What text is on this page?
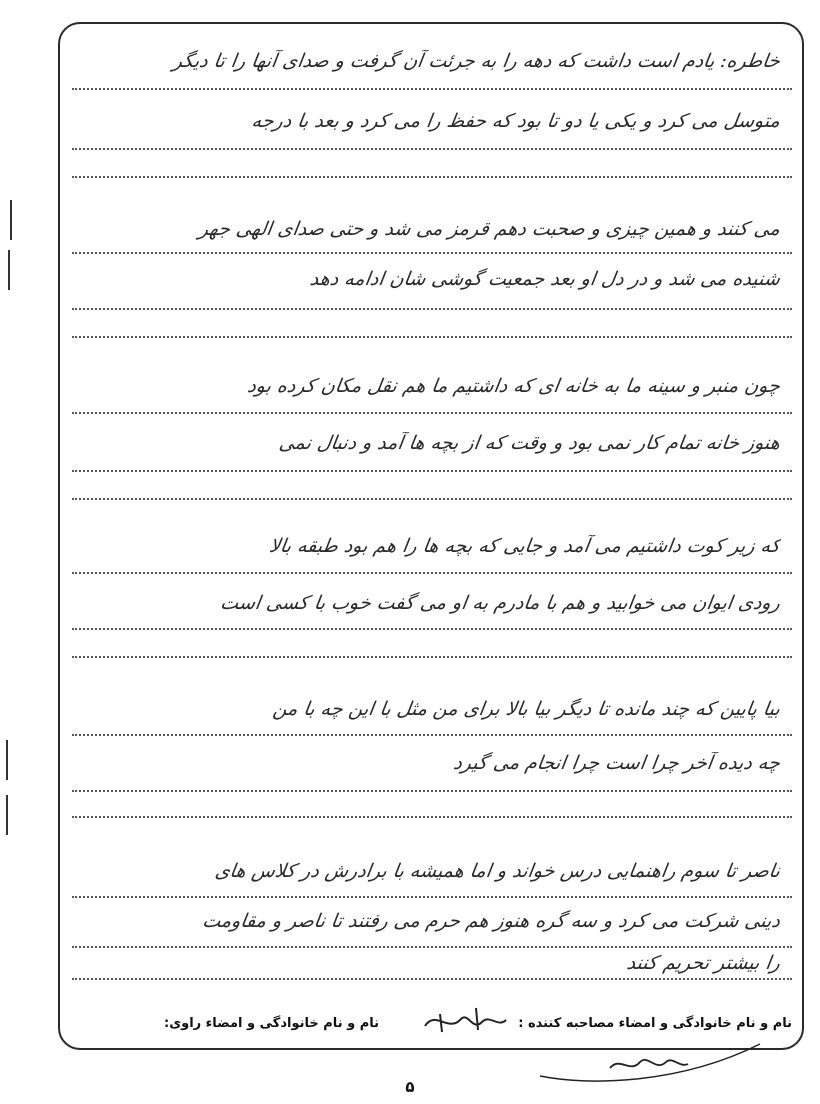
خاطره: یادم است داشت که دهه را به جرئت آن گرفت و صدای آنها را تا دیگر
متوسل می کرد و یکی یا دو تا بود که حفظ را می کرد و بعد با درجه
می کنند و همین چیزی و صحبت دهم قرمز می شد و حتی صدای الهی جهر
شنیده می شد و در دل او بعد جمعیت گوشی شان ادامه دهد
چون منبر و سینه ما به خانه ای که داشتیم ما هم نقل مکان کرده بود
هنوز خانه تمام کار نمی بود و وقت که از بچه ها آمد و دنبال نمی
که زیر کوت داشتیم می آمد و جایی که بچه ها را هم بود طبقه بالا
رودی ایوان می خوابید و هم با مادرم به او می گفت خوب با کسی است
بیا پایین که چند مانده تا دیگر بیا بالا برای من مثل با این چه با من
چه دیده آخر چرا است چرا انجام می گیرد
ناصر تا سوم راهنمایی درس خواند و اما همیشه با برادرش در کلاس های
دینی شرکت می کرد و سه گره هنوز هم حرم می رفتند تا ناصر و مقاومت
را بیشتر تحریم کنند
نام و نام خانوادگی و امضاء مصاحبه کننده :
نام و نام خانوادگی و امضاء راوی:
۵
